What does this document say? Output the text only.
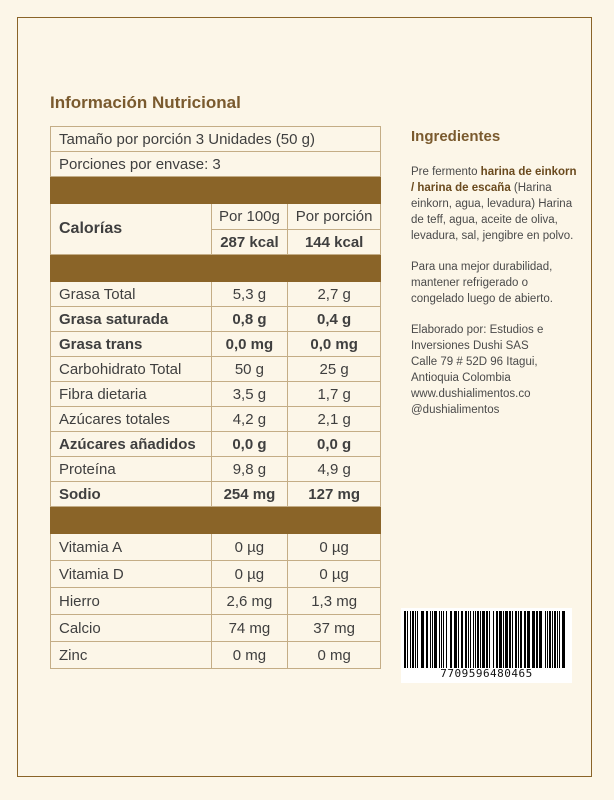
Información Nutricional
Tamaño por porción 3 Unidades (50 g)		
Porciones por envase: 3		

Calorías	Por 100g	Por porción
	287 kcal	144 kcal

Grasa Total	5,3 g	2,7 g
Grasa saturada	0,8 g	0,4 g
Grasa trans	0,0 mg	0,0 mg
Carbohidrato Total	50 g	25 g
Fibra dietaria	3,5 g	1,7 g
Azúcares totales	4,2 g	2,1 g
Azúcares añadidos	0,0 g	0,0 g
Proteína	9,8 g	4,9 g
Sodio	254 mg	127 mg

Vitamia A	0 µg	0 µg
Vitamia D	0 µg	0 µg
Hierro	2,6 mg	1,3 mg
Calcio	74 mg	37 mg
Zinc	0 mg	0 mg
Ingredientes

Pre fermento harina de einkorn / harina de escaña (Harina einkorn, agua, levadura) Harina de teff, agua, aceite de oliva, levadura, sal, jengibre en polvo.

Para una mejor durabilidad, mantener refrigerado o congelado luego de abierto.

Elaborado por: Estudios e
Inversiones Dushi SAS
Calle 79 # 52D 96 Itagui,
Antioquia Colombia
www.dushialimentos.co
@dushialimentos

7709596480465
